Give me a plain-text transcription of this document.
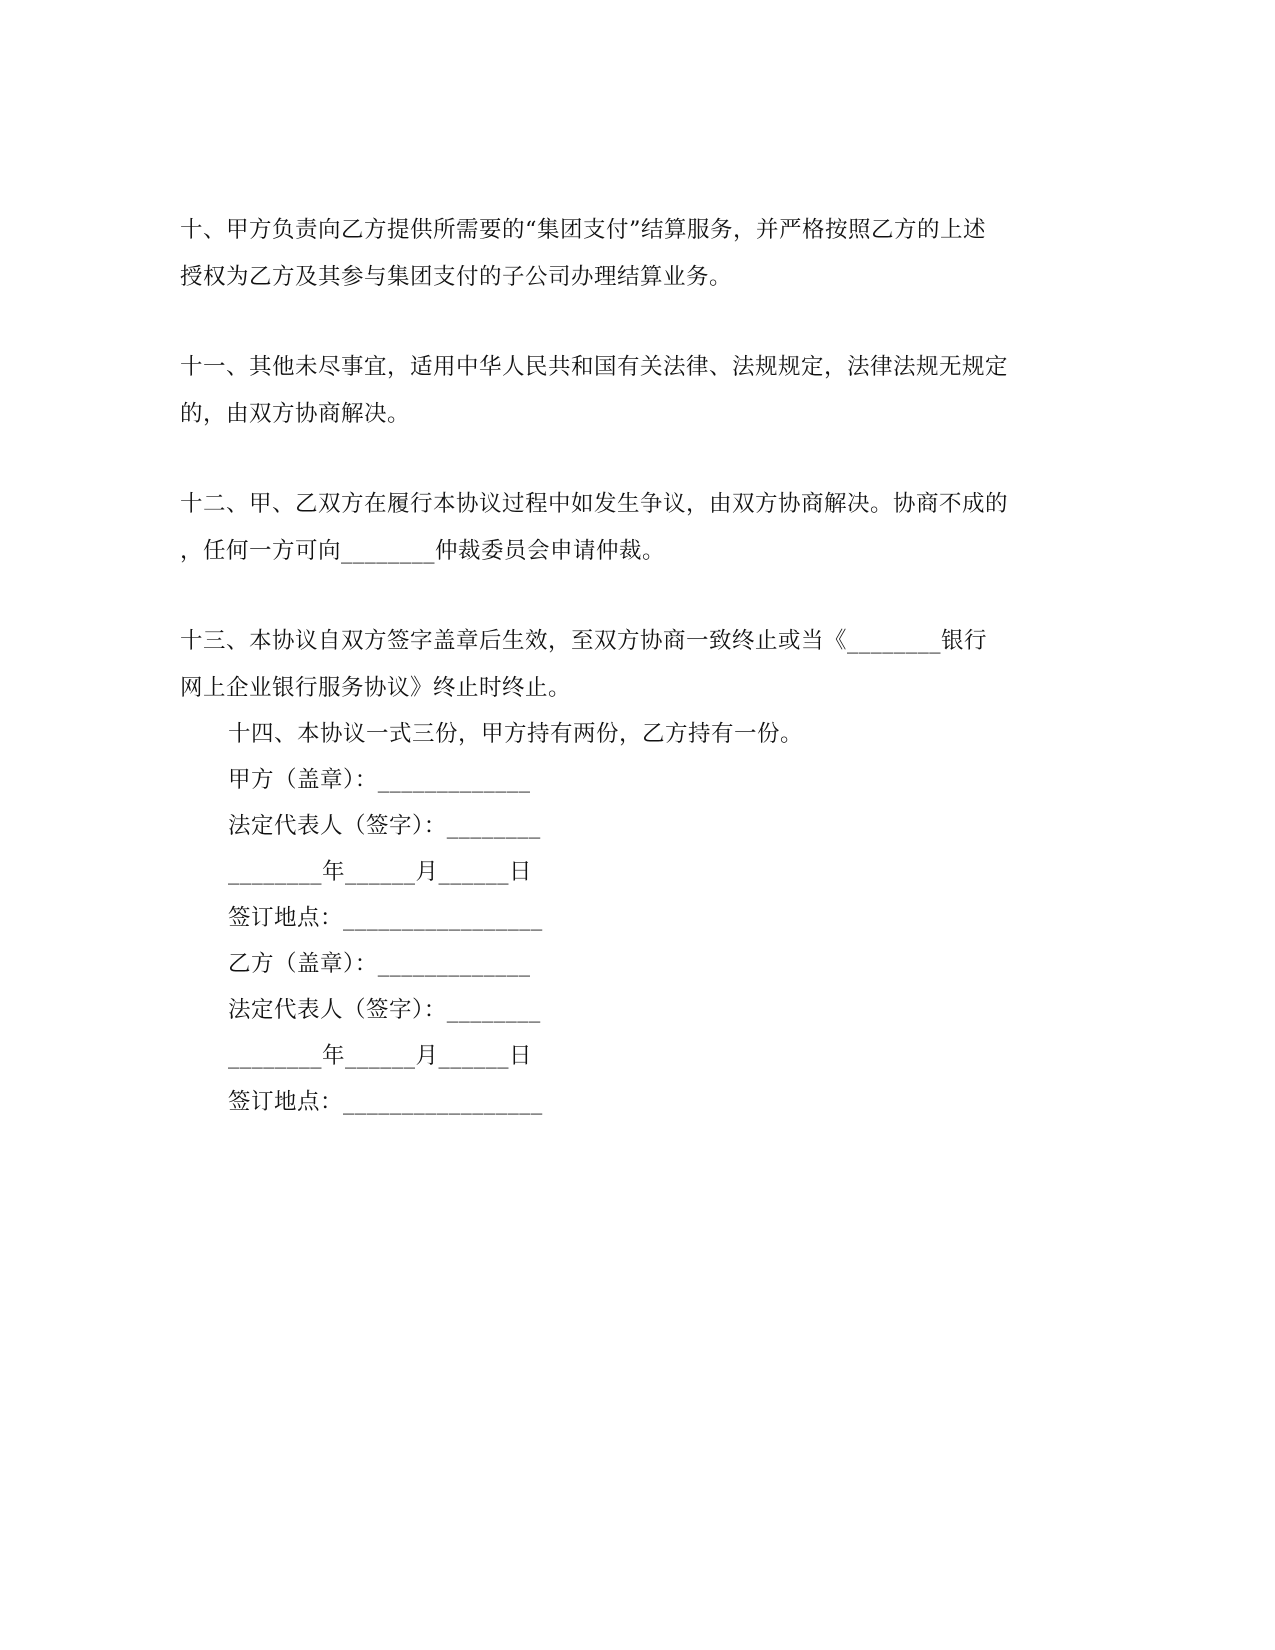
十、甲方负责向乙方提供所需要的“集团支付”结算服务，并严格按照乙方的上述
授权为乙方及其参与集团支付的子公司办理结算业务。
十一、其他未尽事宜，适用中华人民共和国有关法律、法规规定，法律法规无规定
的，由双方协商解决。
十二、甲、乙双方在履行本协议过程中如发生争议，由双方协商解决。协商不成的
，任何一方可向________仲裁委员会申请仲裁。
十三、本协议自双方签字盖章后生效，至双方协商一致终止或当《________银行
网上企业银行服务协议》终止时终止。
十四、本协议一式三份，甲方持有两份，乙方持有一份。
甲方（盖章）：_____________
法定代表人（签字）：________
________年______月______日
签订地点：_________________
乙方（盖章）：_____________
法定代表人（签字）：________
________年______月______日
签订地点：_________________
